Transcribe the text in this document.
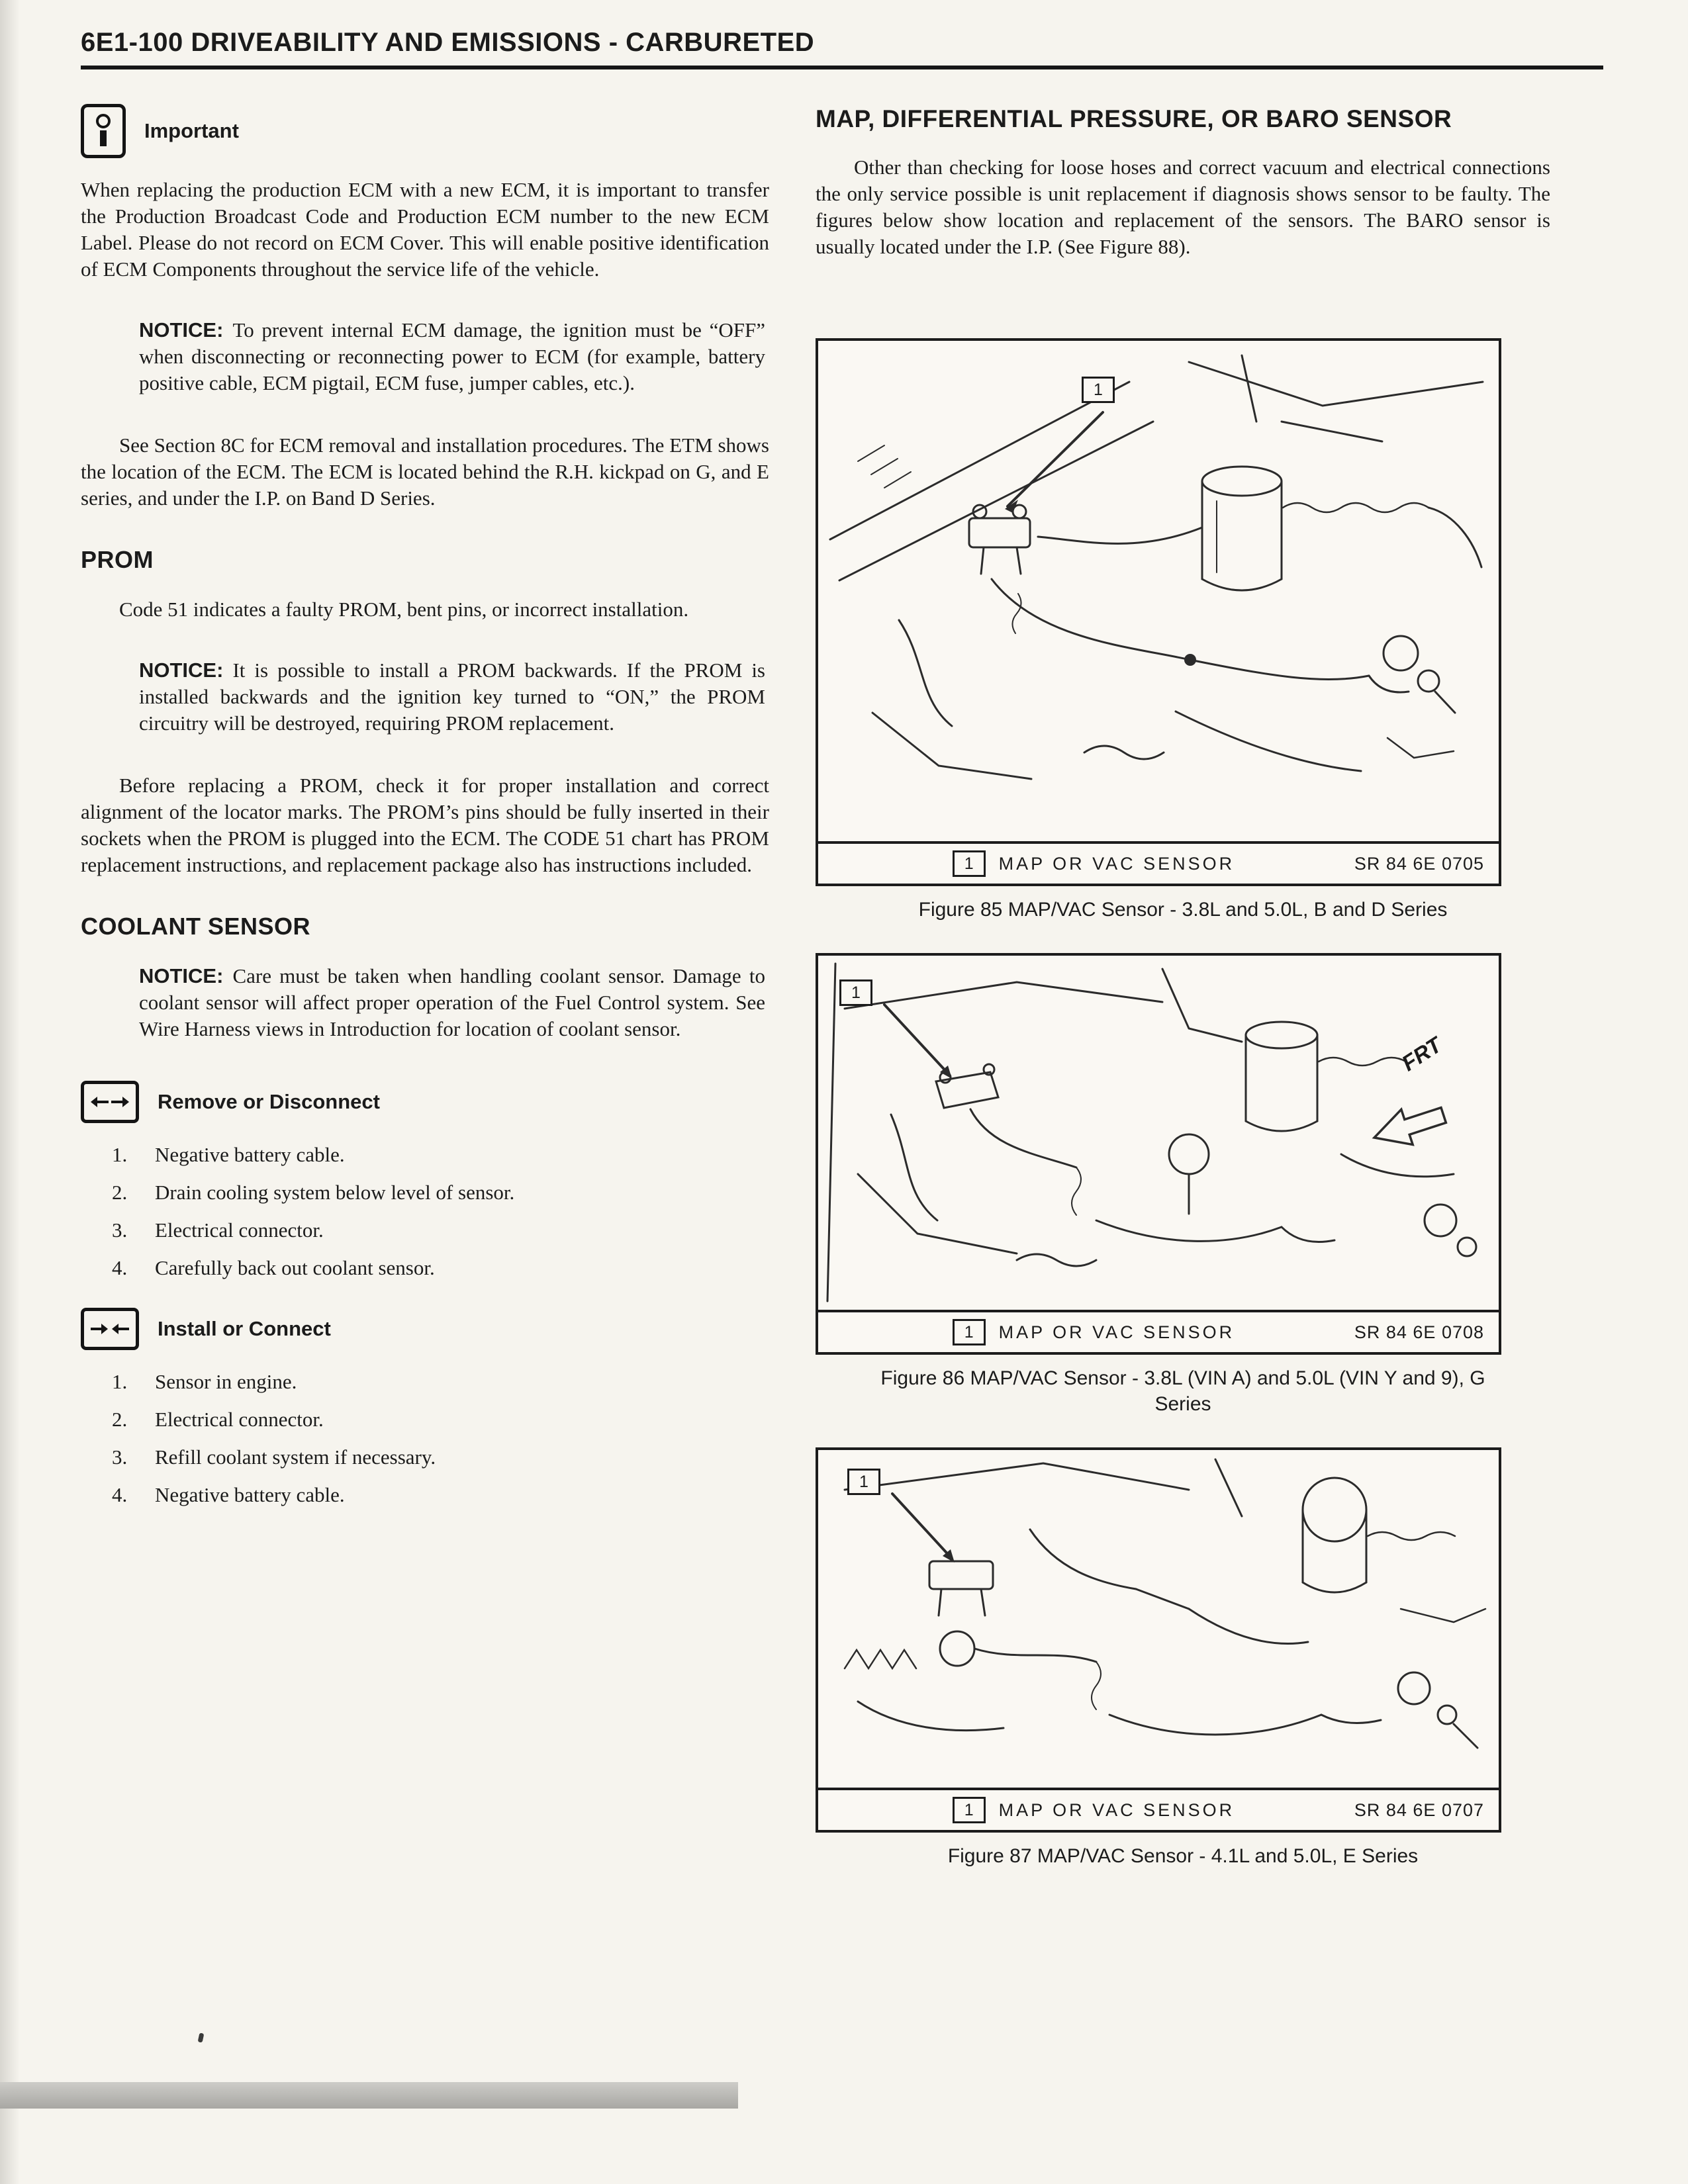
6E1-100 DRIVEABILITY AND EMISSIONS - CARBURETED
Important

When replacing the production ECM with a new ECM, it is important to transfer the Production Broadcast Code and Production ECM number to the new ECM Label. Please do not record on ECM Cover. This will enable positive identification of ECM Components throughout the service life of the vehicle.

NOTICE: To prevent internal ECM damage, the ignition must be “OFF” when disconnecting or reconnecting power to ECM (for example, battery positive cable, ECM pigtail, ECM fuse, jumper cables, etc.).

See Section 8C for ECM removal and installation procedures. The ETM shows the location of the ECM. The ECM is located behind the R.H. kickpad on G, and E series, and under the I.P. on Band D Series.

PROM

Code 51 indicates a faulty PROM, bent pins, or incorrect installation.

NOTICE: It is possible to install a PROM backwards. If the PROM is installed backwards and the ignition key turned to “ON,” the PROM circuitry will be destroyed, requiring PROM replacement.

Before replacing a PROM, check it for proper installation and correct alignment of the locator marks. The PROM’s pins should be fully inserted in their sockets when the PROM is plugged into the ECM. The CODE 51 chart has PROM replacement instructions, and replacement package also has instructions included.

COOLANT SENSOR

NOTICE: Care must be taken when handling coolant sensor. Damage to coolant sensor will affect proper operation of the Fuel Control system. See Wire Harness views in Introduction for location of coolant sensor.

Remove or Disconnect
1. Negative battery cable.
2. Drain cooling system below level of sensor.
3. Electrical connector.
4. Carefully back out coolant sensor.
Install or Connect
1. Sensor in engine.
2. Electrical connector.
3. Refill coolant system if necessary.
4. Negative battery cable.
MAP, DIFFERENTIAL PRESSURE, OR BARO SENSOR

Other than checking for loose hoses and correct vacuum and electrical connections the only service possible is unit replacement if diagnosis shows sensor to be faulty. The figures below show location and replacement of the sensors. The BARO sensor is usually located under the I.P. (See Figure 88).

1
1	MAP OR VAC SENSOR	SR 84 6E 0705
Figure 85 MAP/VAC Sensor - 3.8L and 5.0L, B and D Series
1
FRT
1	MAP OR VAC SENSOR	SR 84 6E 0708
Figure 86 MAP/VAC Sensor - 3.8L (VIN A) and 5.0L (VIN Y and 9), G Series
1
1	MAP OR VAC SENSOR	SR 84 6E 0707
Figure 87 MAP/VAC Sensor - 4.1L and 5.0L, E Series
